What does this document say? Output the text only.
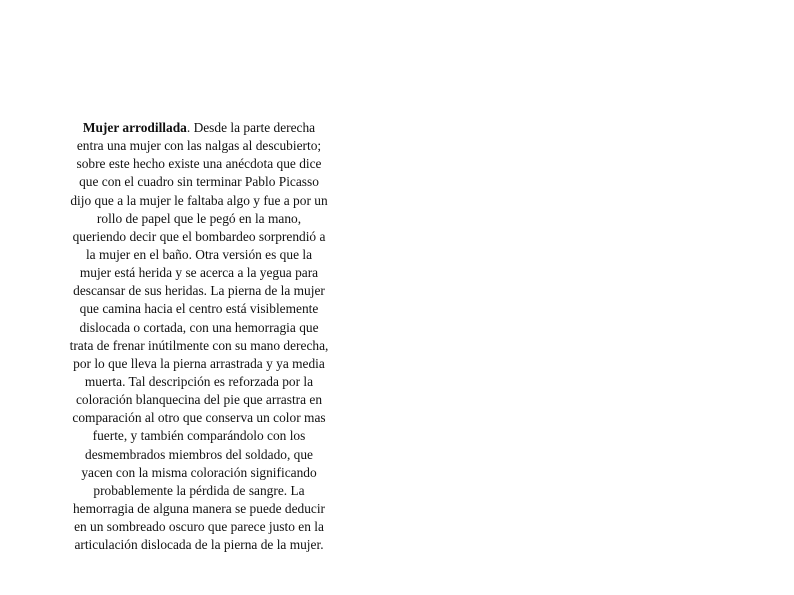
Mujer arrodillada. Desde la parte derecha
entra una mujer con las nalgas al descubierto;
sobre este hecho existe una anécdota que dice
que con el cuadro sin terminar Pablo Picasso
dijo que a la mujer le faltaba algo y fue a por un
rollo de papel que le pegó en la mano,
queriendo decir que el bombardeo sorprendió a
la mujer en el baño. Otra versión es que la
mujer está herida y se acerca a la yegua para
descansar de sus heridas. La pierna de la mujer
que camina hacia el centro está visiblemente
dislocada o cortada, con una hemorragia que
trata de frenar inútilmente con su mano derecha,
por lo que lleva la pierna arrastrada y ya media
muerta. Tal descripción es reforzada por la
coloración blanquecina del pie que arrastra en
comparación al otro que conserva un color mas
fuerte, y también comparándolo con los
desmembrados miembros del soldado, que
yacen con la misma coloración significando
probablemente la pérdida de sangre. La
hemorragia de alguna manera se puede deducir
en un sombreado oscuro que parece justo en la
articulación dislocada de la pierna de la mujer.
